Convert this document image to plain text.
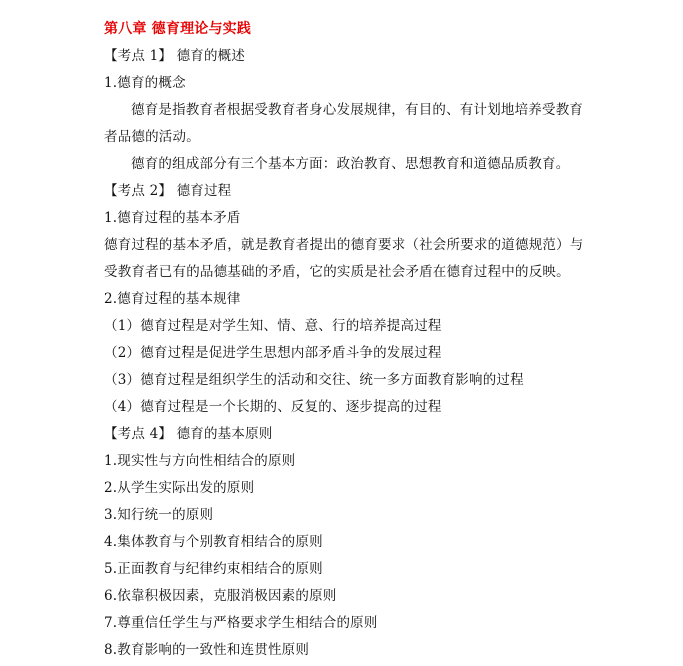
第八章 德育理论与实践
【考点 1】 德育的概述
1.德育的概念
德育是指教育者根据受教育者身心发展规律，有目的、有计划地培养受教育
者品德的活动。
德育的组成部分有三个基本方面：政治教育、思想教育和道德品质教育。
【考点 2】 德育过程
1.德育过程的基本矛盾
德育过程的基本矛盾，就是教育者提出的德育要求（社会所要求的道德规范）与
受教育者已有的品德基础的矛盾，它的实质是社会矛盾在德育过程中的反映。
2.德育过程的基本规律
（1）德育过程是对学生知、情、意、行的培养提高过程
（2）德育过程是促进学生思想内部矛盾斗争的发展过程
（3）德育过程是组织学生的活动和交往、统一多方面教育影响的过程
（4）德育过程是一个长期的、反复的、逐步提高的过程
【考点 4】 德育的基本原则
1.现实性与方向性相结合的原则
2.从学生实际出发的原则
3.知行统一的原则
4.集体教育与个别教育相结合的原则
5.正面教育与纪律约束相结合的原则
6.依靠积极因素，克服消极因素的原则
7.尊重信任学生与严格要求学生相结合的原则
8.教育影响的一致性和连贯性原则
